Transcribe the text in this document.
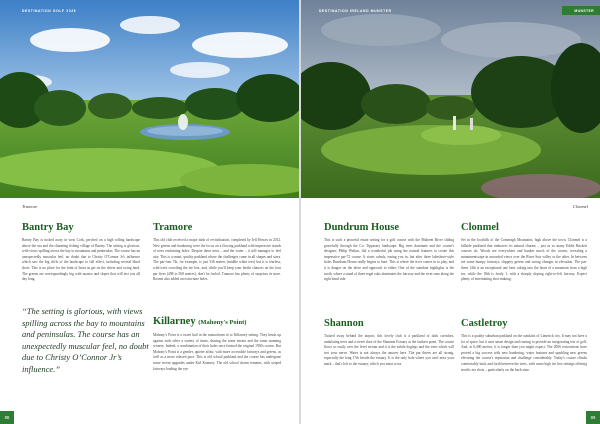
DESTINATION GOLF 2026
Tramore
Bantry Bay

Bantry Bay is tucked away in west Cork, perched on a high rolling landscape above the sea and the charming fishing village of Bantry. The setting is glorious, with views spilling across the bay to mountains and peninsulas. The course has an unexpectedly muscular feel, no doubt due to Christy O'Connor Jr's influence which saw the big cliffs of the landscape to full effect, including several blind shots. This is no place for the faint of heart as get on the driver and swing hard. The greens are correspondingly big with nuance and slopes that will test you all day long.

Tramore

This old club received a major dash of revitalisation, completed by Jeff Howes in 2012. New greens and bunkering were the focus on a flowing parkland with impressive stands of trees enshrining holes. Despite these trees – and the water – it still manages to feel airy. This is a smart, quality parkland where the challenges come in all shapes and sizes. The par-four 7th, for example, is just 336 metres (middle white tees) but it is fearless, with trees crowding the tee box, and, while you'll keep your birdie chances on the four par fives (498 to 568 metres), don't be fooled. Tramore has plenty of surprises in store. Rooms also added an extra nine holes.

Killarney (Mahony's Point)

Mahony's Point is a sweet hail in the mausoleum of to Killarney setting. They brush up against each other a variety of times, sharing the same terrain and the same stunning scenery. Indeed, a combination of their holes once formed the original 1930s course. But Mahony's Point is a gentler, quieter affair, with more accessible fairways and greens, as well as a more relaxed pace. This is old school parkland and the course has undergone some recent upgrades under Kirl Kearney. The old school charm remains, with striped fairways leading the eye.

“The setting is glorious, with views spilling across the bay to mountains and peninsulas. The course has an unexpectedly muscular feel, no doubt due to Christy O’Connor Jr’s influence.”

88
DESTINATION IRELAND MUNSTER	MUNSTER
Clonmel
Dundrum House

This is such a peaceful estate setting for a golf course with the Multeen River sliding gracefully through the Co. Tipperary landscape. Big trees dominate and the course's designer, Philip Walton, did a wonderful job using the natural features to create this impressive par-72 course. It starts calmly, easing you in, but after three lakeshore-style holes Dundrum House really begins to bare. This is where the river comes in to play, and it is danger on the drive and approach to either. One of the standout highlights is the north, where a stand of three regal oaks dominates the fairway and the river runs along the right hand side.

Clonmel

Set in the foothills of the Comeragh Mountains, high above the town, Clonmel is a hillside parkland that embraces its natural charms – just as so many Eddie Hackett courses do. Woods are everywhere and bunker much of the course, revealing a monumentscape in uncorded views over the River Suir valley or the other. In between are some humpy fairways, slippery greens and strong changes in elevation. The par-three 14th is an exceptional one here, taking into the heart of a mountain from a high tee, while the 18th is featly 1, with a sharply sloping right-to-left fairway. Expect plenty of entertaining shot-making.

Shannon

Tucked away behind the airport, this lovely club is a parkland of dark corridors, undulating trees and a sweet dose of the Shannon Estuary at the farthest point. The course flows so easily over the level terrain and it is the subtle doglegs and the trees which will test your nerve. Water is not always the answer here. The par threes are all strong, especially the long 17th beside the estuary. It is the only hole where you can't miss your mark – that's left to the estuary, which you must cross.

Castletroy

This is a quality suburban parkland on the outskirts of Limerick city. It may not have a lot of space, but it uses smart design and routing to provide an invigorating test of golf. And, at 6,400 metres, it is longer than you might expect. The 2006 renovations have proved a big success with new bunkering, water features and sparkling new greens elevating the course's reputation and challenge considerably. Today's course climbs comfortably back and forth between the trees, with some high tee box settings offering terrific tee shots – particularly on the back nine.

89
